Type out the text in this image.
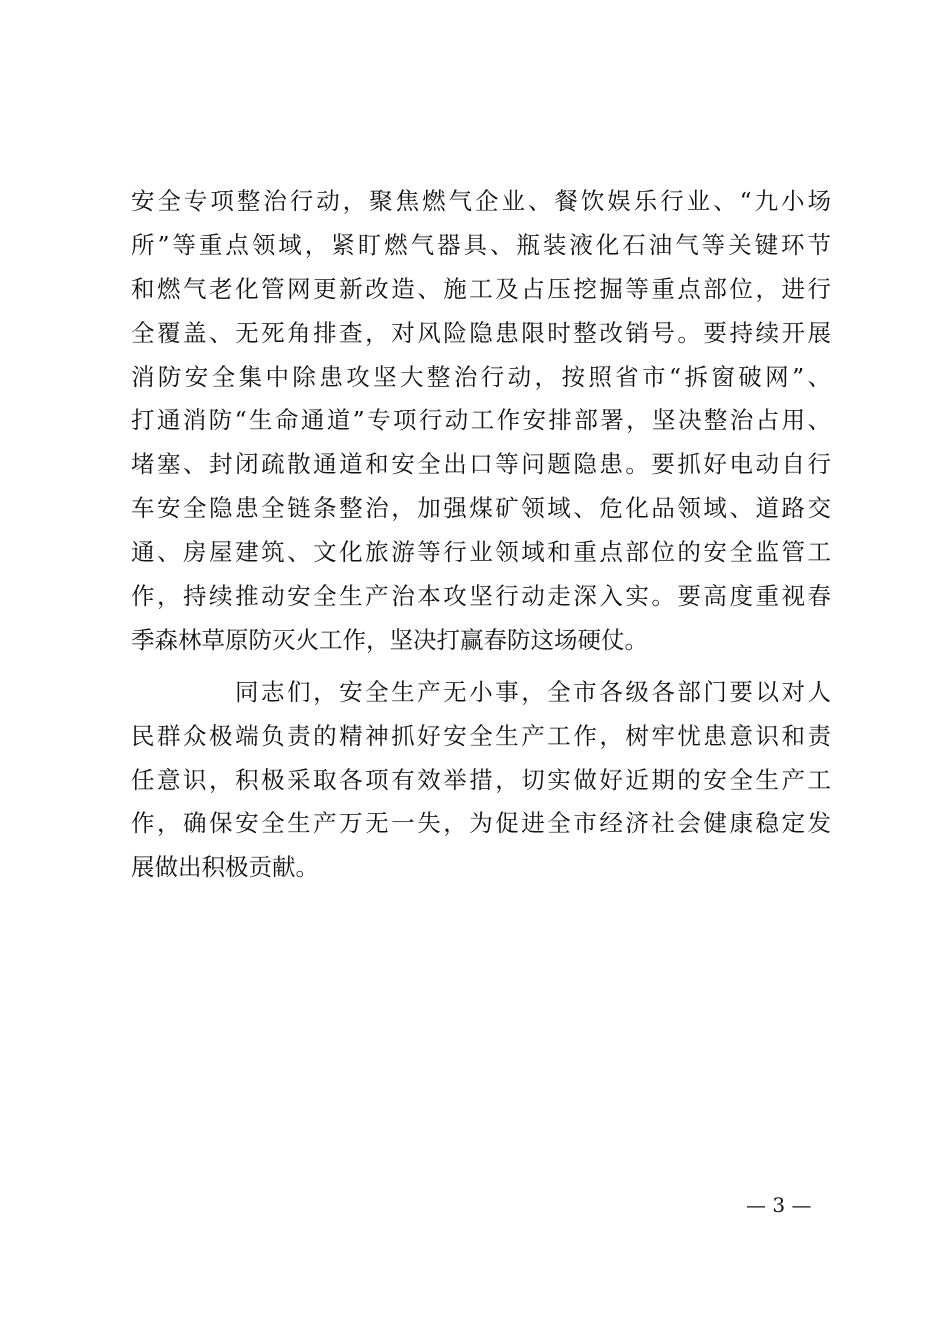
安全专项整治行动，聚焦燃气企业、餐饮娱乐行业、“九小场
所”等重点领域，紧盯燃气器具、瓶装液化石油气等关键环节
和燃气老化管网更新改造、施工及占压挖掘等重点部位，进行
全覆盖、无死角排查，对风险隐患限时整改销号。要持续开展
消防安全集中除患攻坚大整治行动，按照省市“拆窗破网”、
打通消防“生命通道”专项行动工作安排部署，坚决整治占用、
堵塞、封闭疏散通道和安全出口等问题隐患。要抓好电动自行
车安全隐患全链条整治，加强煤矿领域、危化品领域、道路交
通、房屋建筑、文化旅游等行业领域和重点部位的安全监管工
作，持续推动安全生产治本攻坚行动走深入实。要高度重视春
季森林草原防灭火工作，坚决打赢春防这场硬仗。
同志们，安全生产无小事，全市各级各部门要以对人
民群众极端负责的精神抓好安全生产工作，树牢忧患意识和责
任意识，积极采取各项有效举措，切实做好近期的安全生产工
作，确保安全生产万无一失，为促进全市经济社会健康稳定发
展做出积极贡献。
— 3 —
